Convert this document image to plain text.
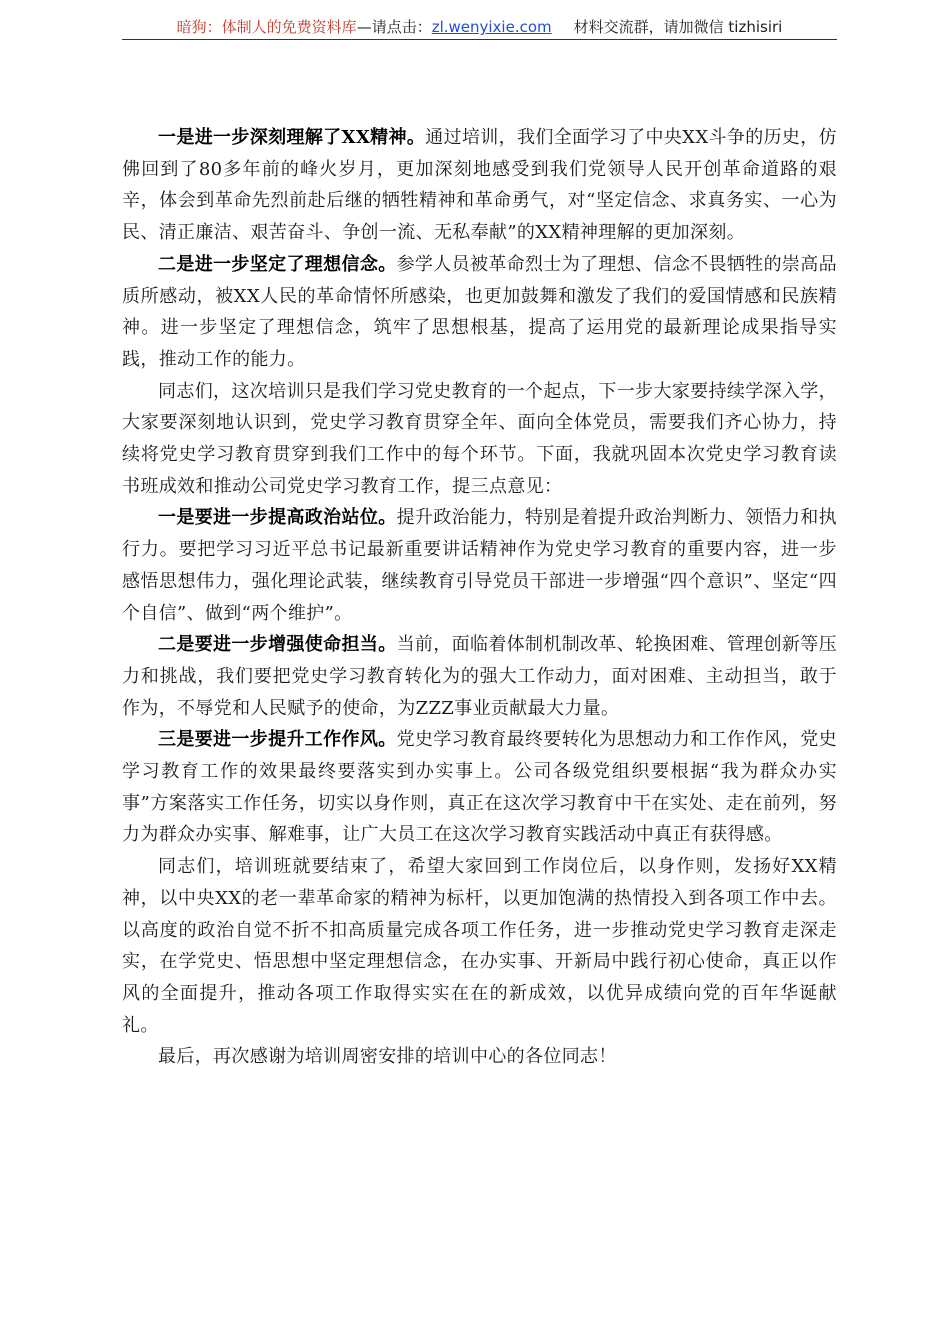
暗狗：体制人的免费资料库—请点击：zl.wenyixie.com 材料交流群，请加微信 tizhisiri

一是进一步深刻理解了XX精神。通过培训，我们全面学习了中央XX斗争的历史，仿佛回到了80多年前的峰火岁月，更加深刻地感受到我们党领导人民开创革命道路的艰辛，体会到革命先烈前赴后继的牺牲精神和革命勇气，对“坚定信念、求真务实、一心为民、清正廉洁、艰苦奋斗、争创一流、无私奉献”的XX精神理解的更加深刻。

二是进一步坚定了理想信念。参学人员被革命烈士为了理想、信念不畏牺牲的崇高品质所感动，被XX人民的革命情怀所感染，也更加鼓舞和激发了我们的爱国情感和民族精神。进一步坚定了理想信念，筑牢了思想根基，提高了运用党的最新理论成果指导实践，推动工作的能力。

同志们，这次培训只是我们学习党史教育的一个起点，下一步大家要持续学深入学，大家要深刻地认识到，党史学习教育贯穿全年、面向全体党员，需要我们齐心协力，持续将党史学习教育贯穿到我们工作中的每个环节。下面，我就巩固本次党史学习教育读书班成效和推动公司党史学习教育工作，提三点意见：

一是要进一步提高政治站位。提升政治能力，特别是着提升政治判断力、领悟力和执行力。要把学习习近平总书记最新重要讲话精神作为党史学习教育的重要内容，进一步感悟思想伟力，强化理论武装，继续教育引导党员干部进一步增强“四个意识”、坚定“四个自信”、做到“两个维护”。

二是要进一步增强使命担当。当前，面临着体制机制改革、轮换困难、管理创新等压力和挑战，我们要把党史学习教育转化为的强大工作动力，面对困难、主动担当，敢于作为，不辱党和人民赋予的使命，为ZZZ事业贡献最大力量。

三是要进一步提升工作作风。党史学习教育最终要转化为思想动力和工作作风，党史学习教育工作的效果最终要落实到办实事上。公司各级党组织要根据“我为群众办实事”方案落实工作任务，切实以身作则，真正在这次学习教育中干在实处、走在前列，努力为群众办实事、解难事，让广大员工在这次学习教育实践活动中真正有获得感。

同志们，培训班就要结束了，希望大家回到工作岗位后，以身作则，发扬好XX精神，以中央XX的老一辈革命家的精神为标杆，以更加饱满的热情投入到各项工作中去。以高度的政治自觉不折不扣高质量完成各项工作任务，进一步推动党史学习教育走深走实，在学党史、悟思想中坚定理想信念，在办实事、开新局中践行初心使命，真正以作风的全面提升，推动各项工作取得实实在在的新成效，以优异成绩向党的百年华诞献礼。

最后，再次感谢为培训周密安排的培训中心的各位同志！
